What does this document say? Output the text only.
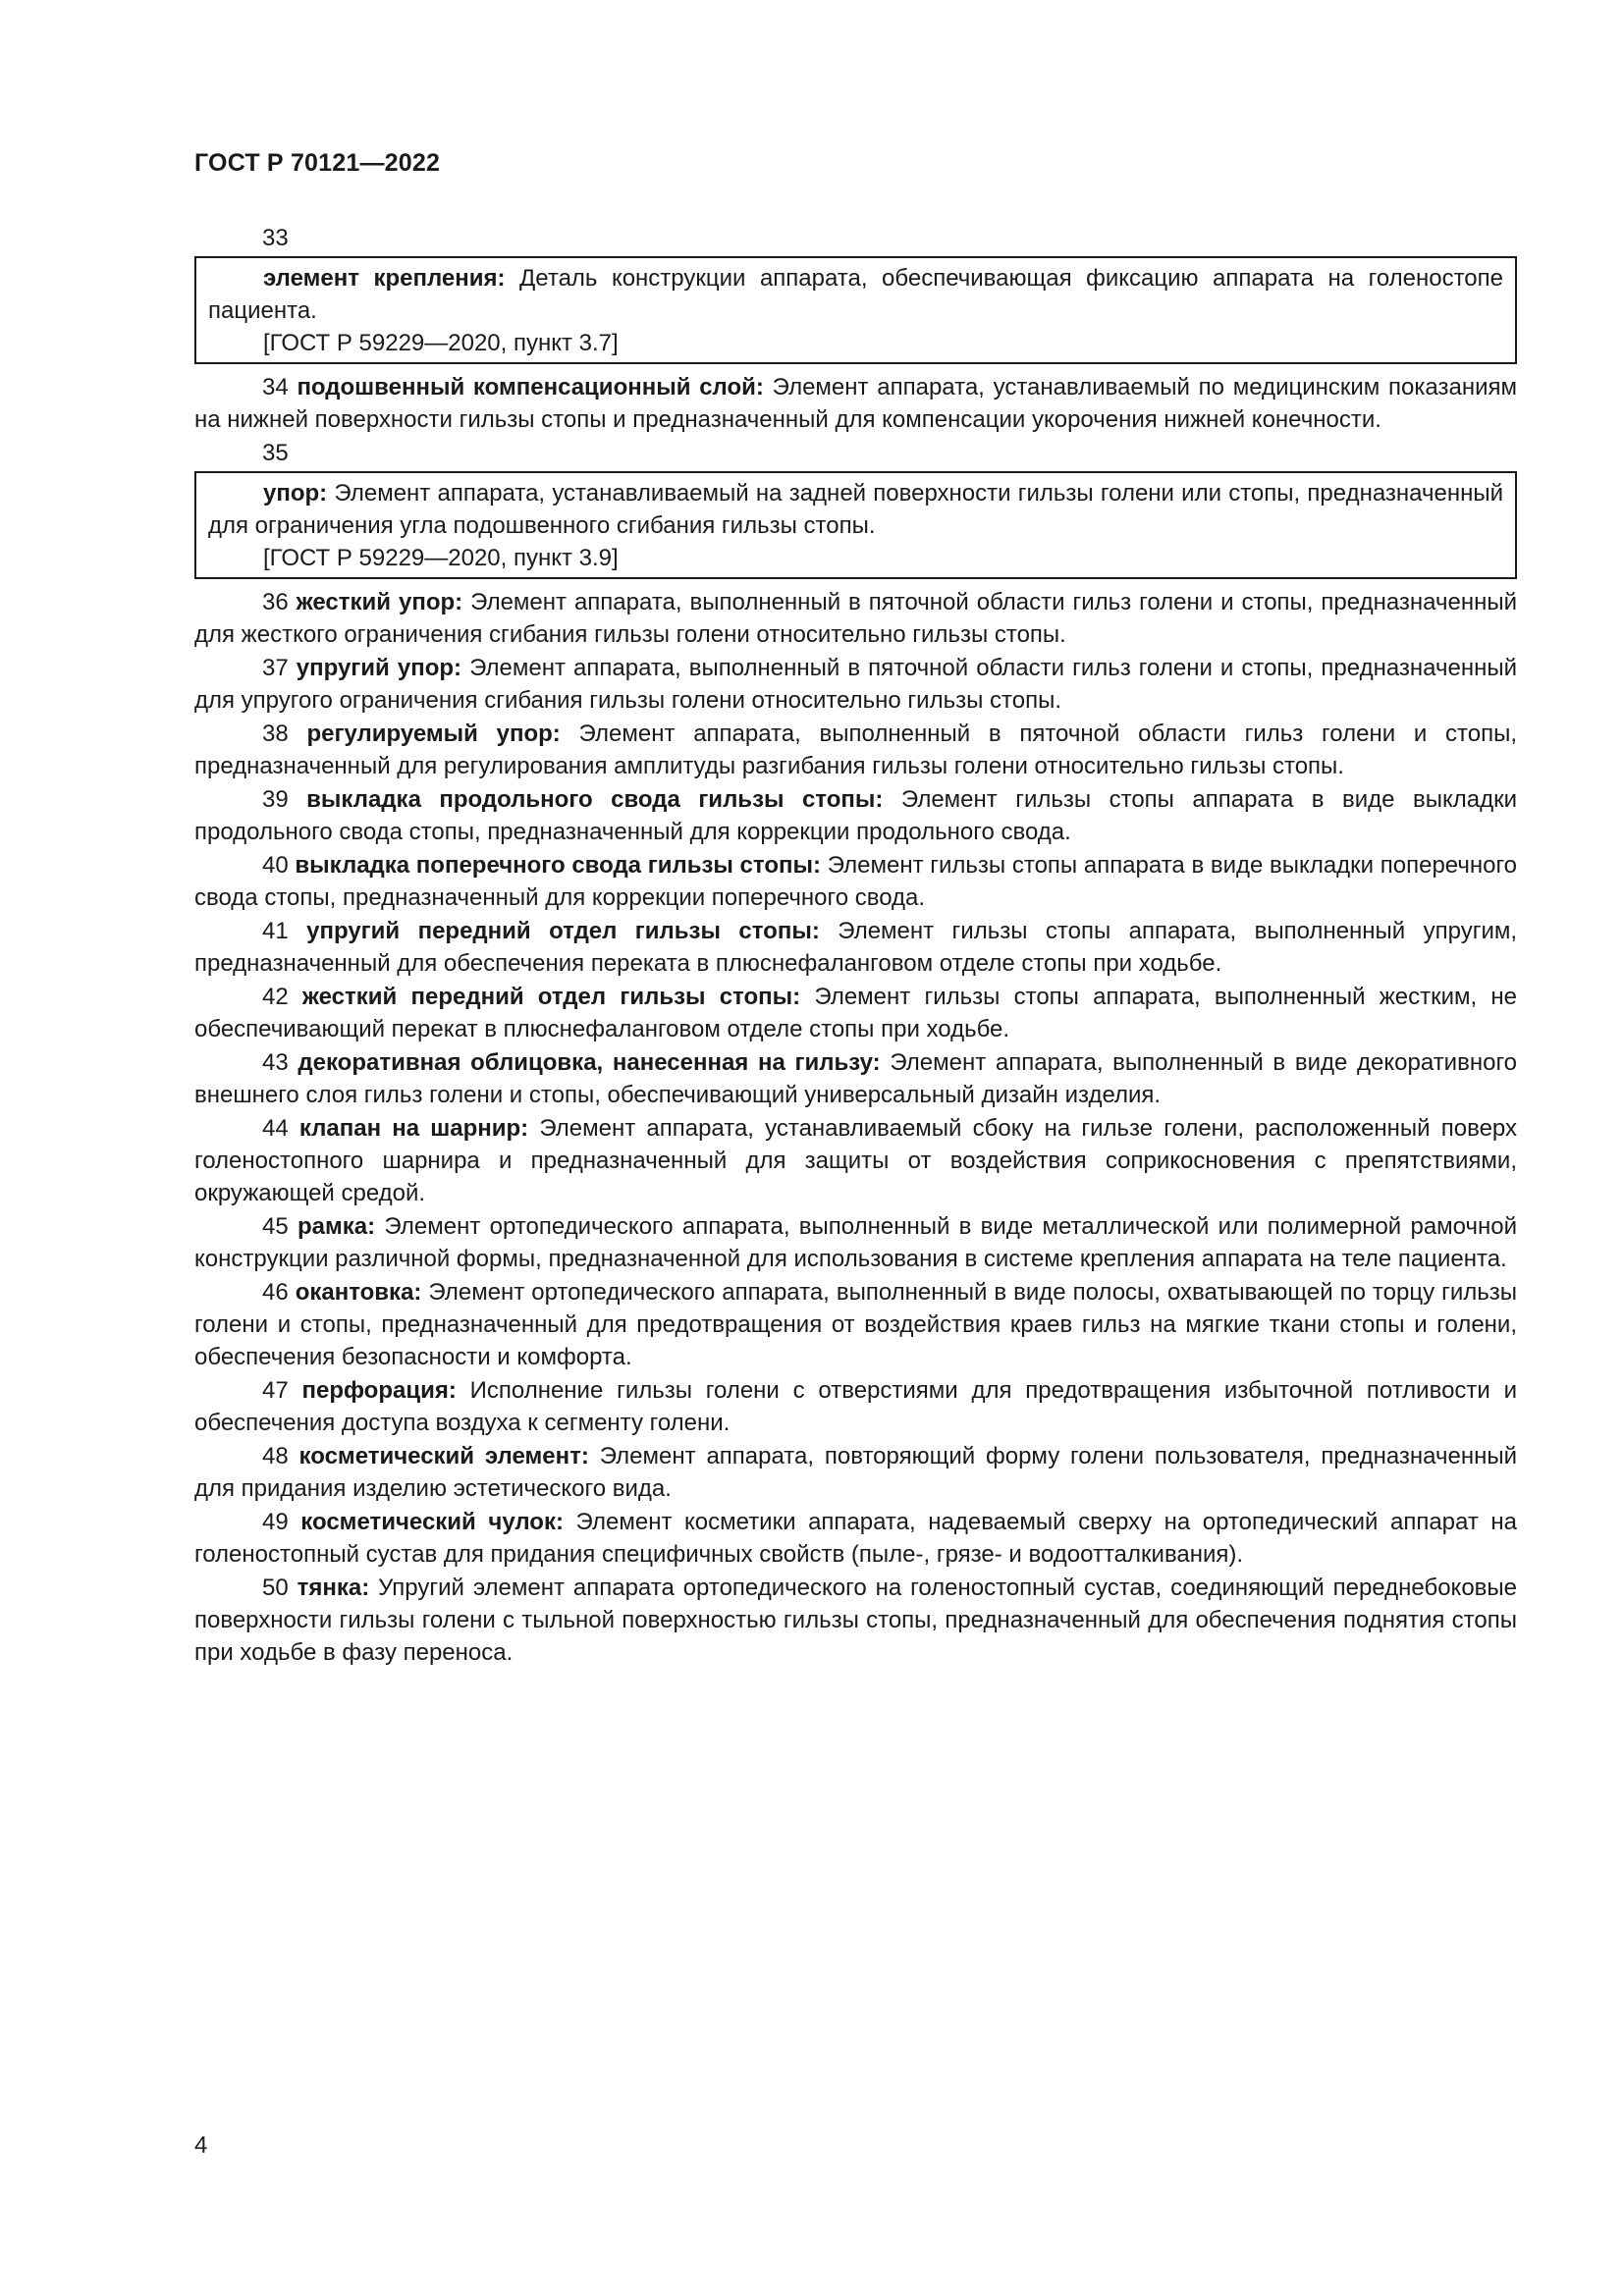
ГОСТ Р 70121—2022

33

элемент крепления: Деталь конструкции аппарата, обеспечивающая фиксацию аппарата на голеностопе пациента.

[ГОСТ Р 59229—2020, пункт 3.7]

34 подошвенный компенсационный слой: Элемент аппарата, устанавливаемый по медицинским показаниям на нижней поверхности гильзы стопы и предназначенный для компенсации укорочения нижней конечности.

35

упор: Элемент аппарата, устанавливаемый на задней поверхности гильзы голени или стопы, предназначенный для ограничения угла подошвенного сгибания гильзы стопы.

[ГОСТ Р 59229—2020, пункт 3.9]

36 жесткий упор: Элемент аппарата, выполненный в пяточной области гильз голени и стопы, предназначенный для жесткого ограничения сгибания гильзы голени относительно гильзы стопы.

37 упругий упор: Элемент аппарата, выполненный в пяточной области гильз голени и стопы, предназначенный для упругого ограничения сгибания гильзы голени относительно гильзы стопы.

38 регулируемый упор: Элемент аппарата, выполненный в пяточной области гильз голени и стопы, предназначенный для регулирования амплитуды разгибания гильзы голени относительно гильзы стопы.

39 выкладка продольного свода гильзы стопы: Элемент гильзы стопы аппарата в виде выкладки продольного свода стопы, предназначенный для коррекции продольного свода.

40 выкладка поперечного свода гильзы стопы: Элемент гильзы стопы аппарата в виде выкладки поперечного свода стопы, предназначенный для коррекции поперечного свода.

41 упругий передний отдел гильзы стопы: Элемент гильзы стопы аппарата, выполненный упругим, предназначенный для обеспечения переката в плюснефаланговом отделе стопы при ходьбе.

42 жесткий передний отдел гильзы стопы: Элемент гильзы стопы аппарата, выполненный жестким, не обеспечивающий перекат в плюснефаланговом отделе стопы при ходьбе.

43 декоративная облицовка, нанесенная на гильзу: Элемент аппарата, выполненный в виде декоративного внешнего слоя гильз голени и стопы, обеспечивающий универсальный дизайн изделия.

44 клапан на шарнир: Элемент аппарата, устанавливаемый сбоку на гильзе голени, расположенный поверх голеностопного шарнира и предназначенный для защиты от воздействия соприкосновения с препятствиями, окружающей средой.

45 рамка: Элемент ортопедического аппарата, выполненный в виде металлической или полимерной рамочной конструкции различной формы, предназначенной для использования в системе крепления аппарата на теле пациента.

46 окантовка: Элемент ортопедического аппарата, выполненный в виде полосы, охватывающей по торцу гильзы голени и стопы, предназначенный для предотвращения от воздействия краев гильз на мягкие ткани стопы и голени, обеспечения безопасности и комфорта.

47 перфорация: Исполнение гильзы голени с отверстиями для предотвращения избыточной потливости и обеспечения доступа воздуха к сегменту голени.

48 косметический элемент: Элемент аппарата, повторяющий форму голени пользователя, предназначенный для придания изделию эстетического вида.

49 косметический чулок: Элемент косметики аппарата, надеваемый сверху на ортопедический аппарат на голеностопный сустав для придания специфичных свойств (пыле-, грязе- и водоотталкивания).

50 тянка: Упругий элемент аппарата ортопедического на голеностопный сустав, соединяющий переднебоковые поверхности гильзы голени с тыльной поверхностью гильзы стопы, предназначенный для обеспечения поднятия стопы при ходьбе в фазу переноса.

4
